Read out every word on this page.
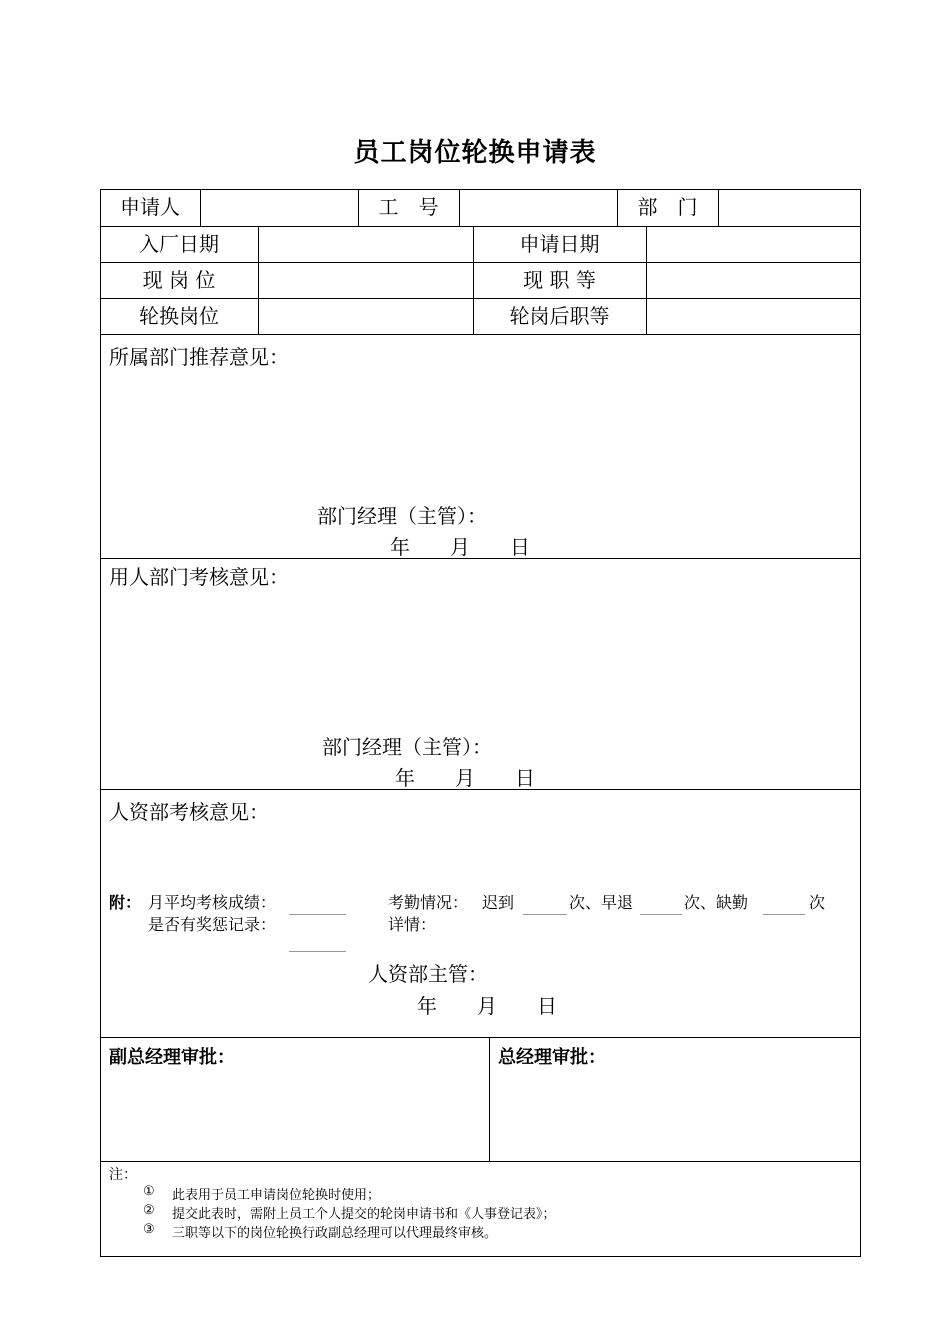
员工岗位轮换申请表
申请人	工　号	部　门
入厂日期	申请日期
现 岗 位	现 职 等
轮换岗位	轮岗后职等
所属部门推荐意见：
部门经理（主管）：
年　　月　　日
用人部门考核意见：
部门经理（主管）：
年　　月　　日
人资部考核意见：
附： 月平均考核成绩：
是否有奖惩记录：
考勤情况： 迟到	次、早退	次、缺勤	次
详情：
人资部主管：
年　　月　　日
副总经理审批：	总经理审批：
注：
① 此表用于员工申请岗位轮换时使用；
② 提交此表时，需附上员工个人提交的轮岗申请书和《人事登记表》；
③ 三职等以下的岗位轮换行政副总经理可以代理最终审核。
